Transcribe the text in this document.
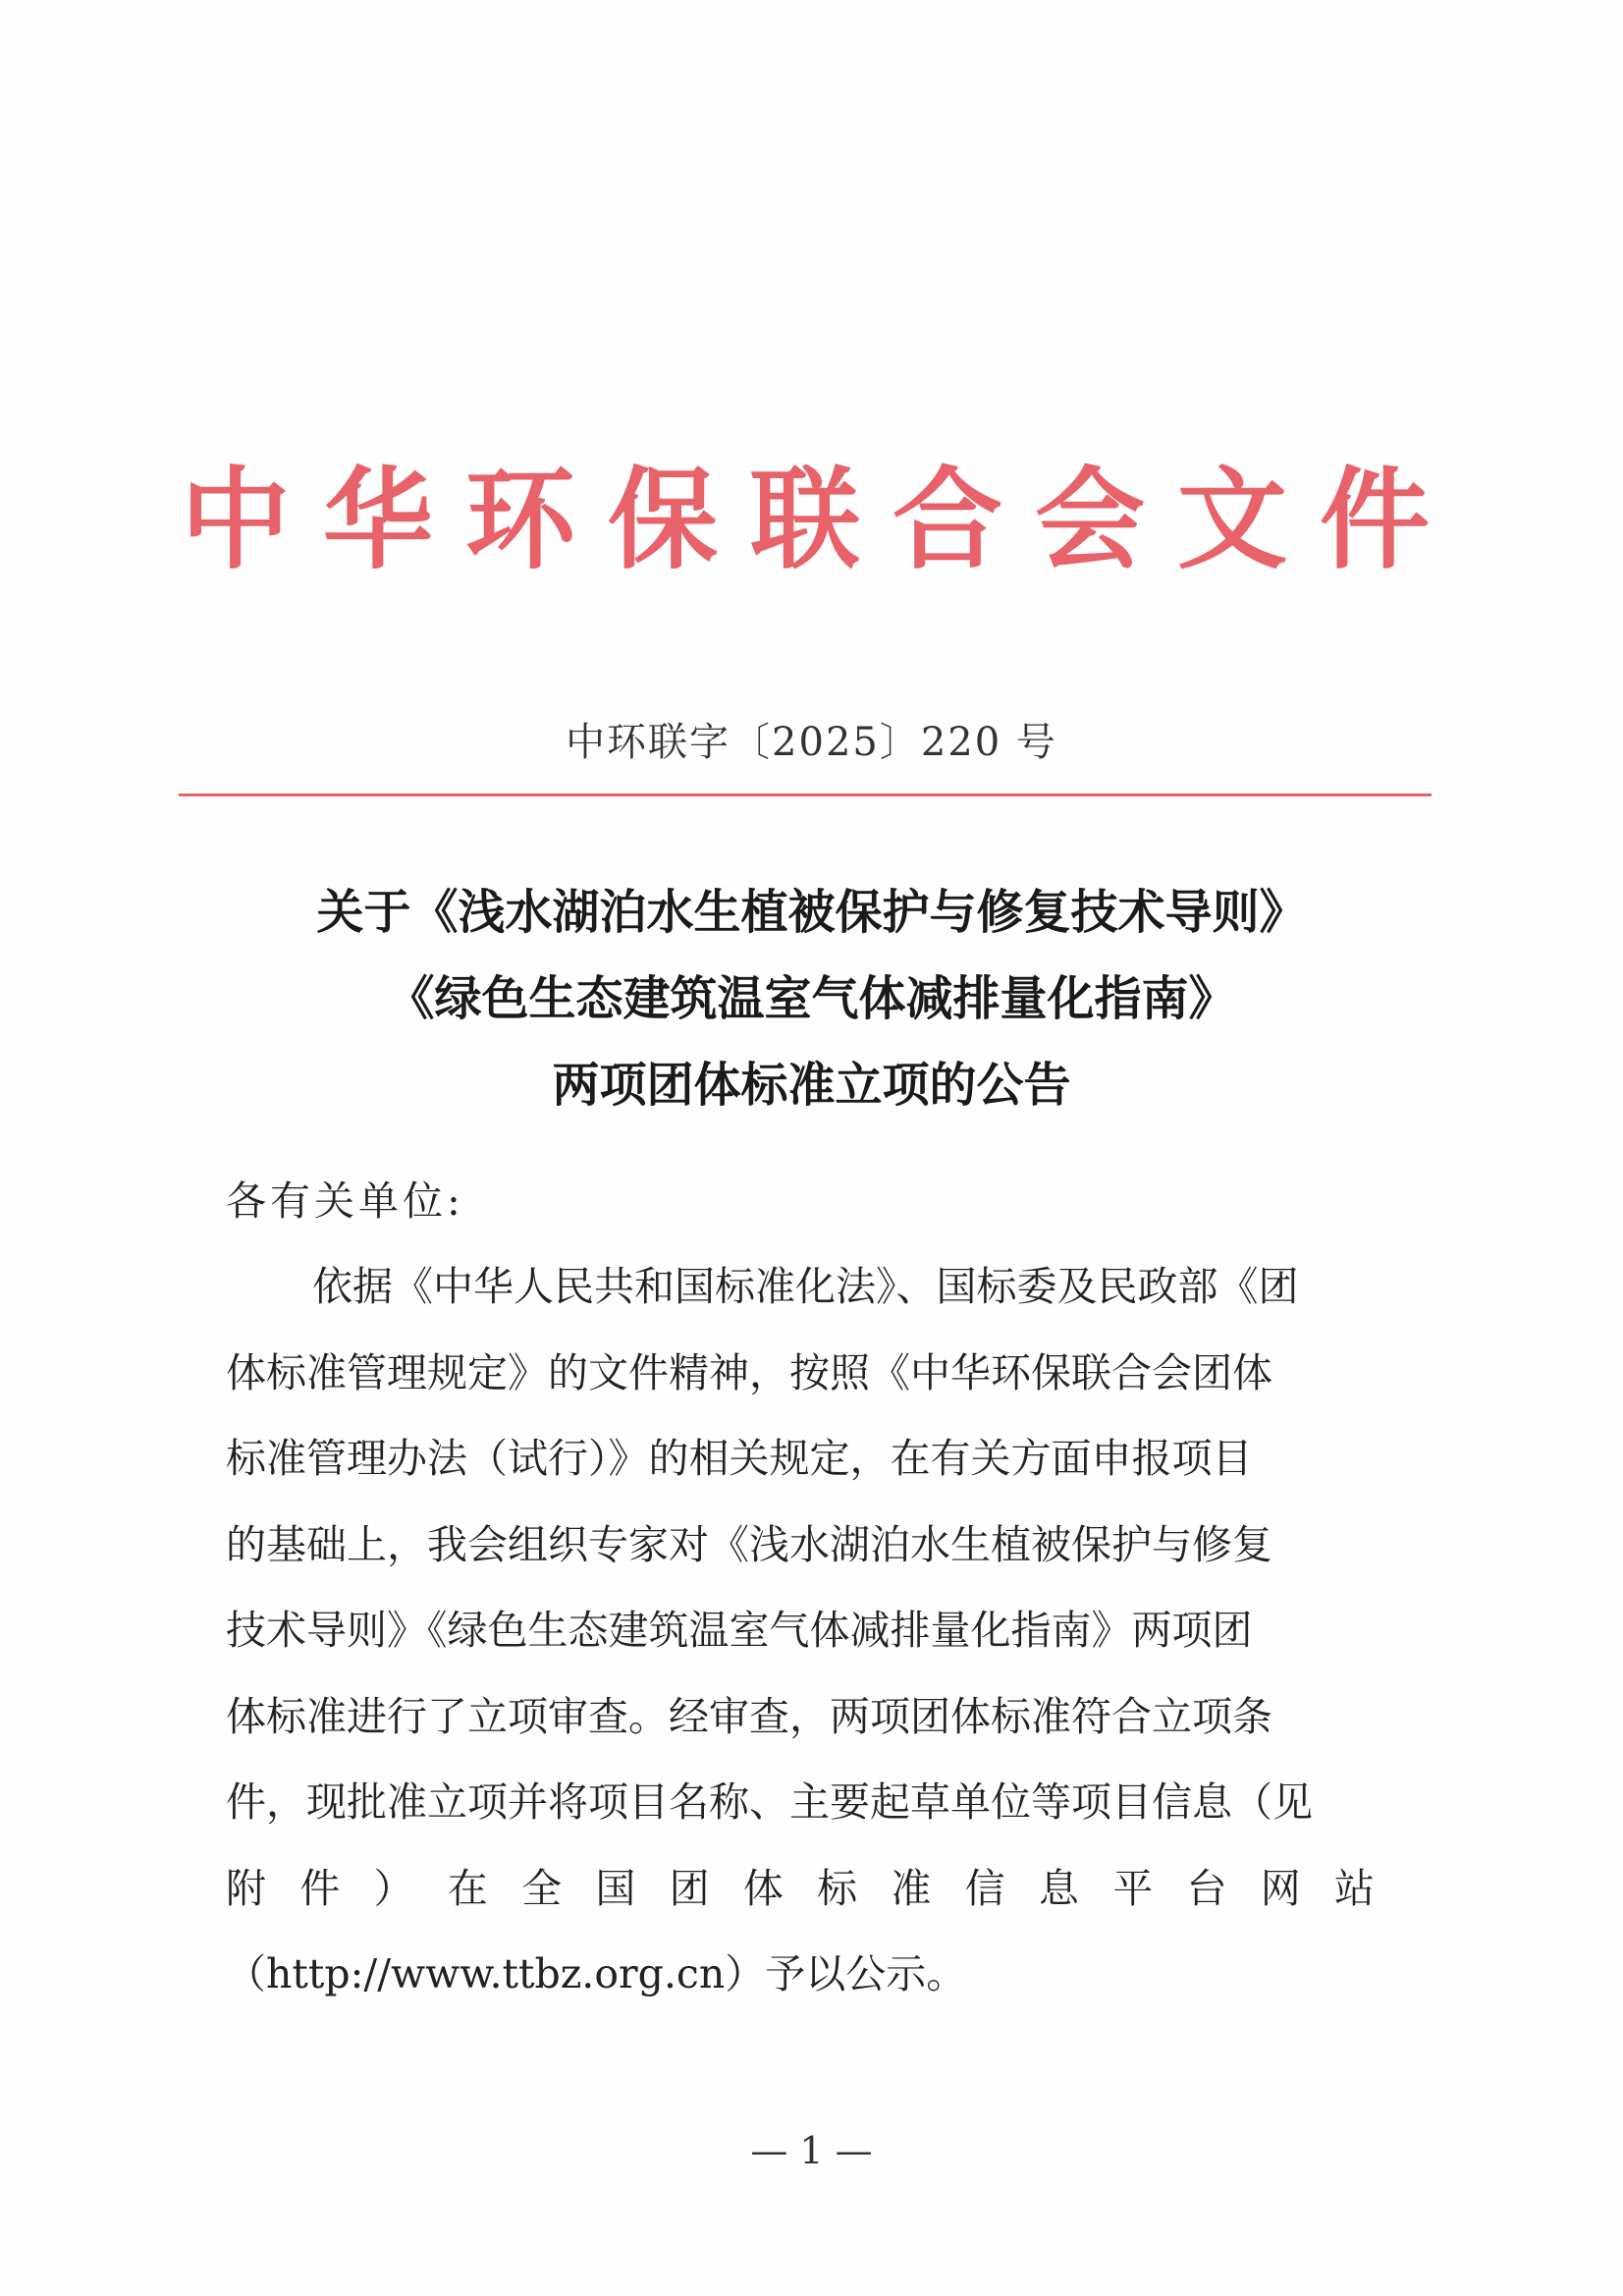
中 华 环 保 联 合 会 文 件
中环联字〔2025〕220 号
关于《浅水湖泊水生植被保护与修复技术导则》
《绿色生态建筑温室气体减排量化指南》
两项团体标准立项的公告
各有关单位:
依据《中华人民共和国标准化法》、国标委及民政部《团
体标准管理规定》的文件精神，按照《中华环保联合会团体
标准管理办法（试行）》的相关规定，在有关方面申报项目
的基础上，我会组织专家对《浅水湖泊水生植被保护与修复
技术导则》《绿色生态建筑温室气体减排量化指南》两项团
体标准进行了立项审查。经审查，两项团体标准符合立项条
件，现批准立项并将项目名称、主要起草单位等项目信息（见
附 件 ） 在 全 国 团 体 标 准 信 息 平 台 网 站
（http://www.ttbz.org.cn）予以公示。
— 1 —
